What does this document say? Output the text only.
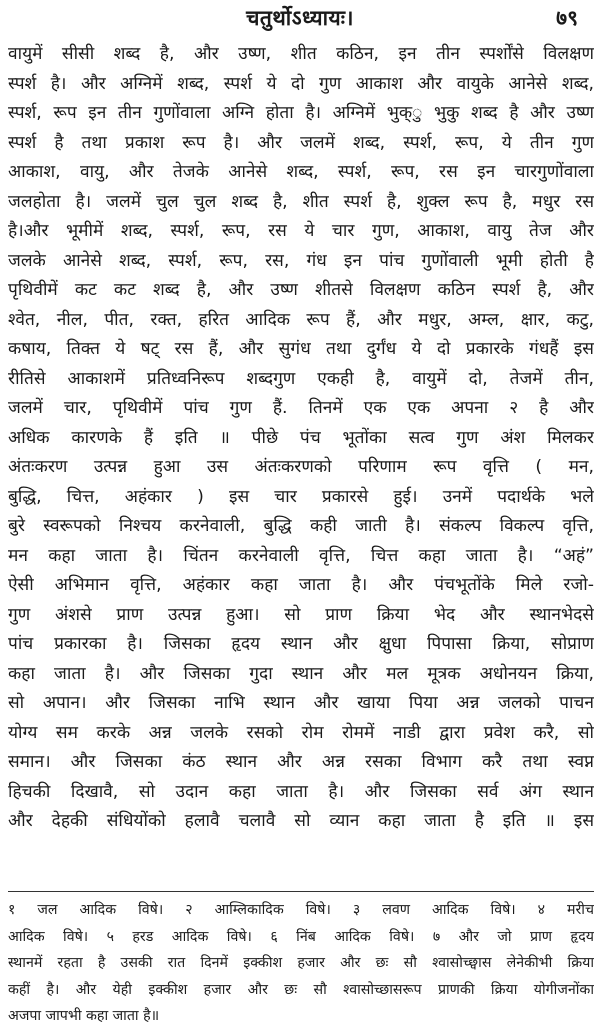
चतुर्थोऽध्यायः।	७९
वायुमें सीसी शब्द है, और उष्ण, शीत कठिन, इन तीन स्पर्शोंसे विलक्षण
स्पर्श है। और अग्निमें शब्द, स्पर्श ये दो गुण आकाश और वायुके आनेसे शब्द,
स्पर्श, रूप इन तीन गुणोंवाला अग्नि होता है। अग्निमें भुक्ु भुकु शब्द है और उष्ण
स्पर्श है तथा प्रकाश रूप है। और जलमें शब्द, स्पर्श, रूप, ये तीन गुण
आकाश, वायु, और तेजके आनेसे शब्द, स्पर्श, रूप, रस इन चारगुणोंवाला
जलहोता है। जलमें चुल चुल शब्द है, शीत स्पर्श है, शुक्ल रूप है, मधुर रस
है।और भूमीमें शब्द, स्पर्श, रूप, रस ये चार गुण, आकाश, वायु तेज और
जलके आनेसे शब्द, स्पर्श, रूप, रस, गंध इन पांच गुणोंवाली भूमी होती है
पृथिवीमें कट कट शब्द है, और उष्ण शीतसे विलक्षण कठिन स्पर्श है, और
श्वेत, नील, पीत, रक्त, हरित आदिक रूप हैं, और मधुर, अम्ल, क्षार, कटु,
कषाय, तिक्त ये षट् रस हैं, और सुगंध तथा दुर्गंध ये दो प्रकारके गंधहैं इस
रीतिसे आकाशमें प्रतिध्वनिरूप शब्दगुण एकही है, वायुमें दो, तेजमें तीन,
जलमें चार, पृथिवीमें पांच गुण हैं. तिनमें एक एक अपना २ है और
अधिक कारणके हैं इति ॥ पीछे पंच भूतोंका सत्व गुण अंश मिलकर
अंतःकरण उत्पन्न हुआ उस अंतःकरणको परिणाम रूप वृत्ति ( मन,
बुद्धि, चित्त, अहंकार ) इस चार प्रकारसे हुई। उनमें पदार्थके भले
बुरे स्वरूपको निश्चय करनेवाली, बुद्धि कही जाती है। संकल्प विकल्प वृत्ति,
मन कहा जाता है। चिंतन करनेवाली वृत्ति, चित्त कहा जाता है। “अहं”
ऐसी अभिमान वृत्ति, अहंकार कहा जाता है। और पंचभूतोंके मिले रजो-
गुण अंशसे प्राण उत्पन्न हुआ। सो प्राण क्रिया भेद और स्थानभेदसे
पांच प्रकारका है। जिसका हृदय स्थान और क्षुधा पिपासा क्रिया, सोप्राण
कहा जाता है। और जिसका गुदा स्थान और मल मूत्रक अधोनयन क्रिया,
सो अपान। और जिसका नाभि स्थान और खाया पिया अन्न जलको पाचन
योग्य सम करके अन्न जलके रसको रोम रोममें नाडी द्वारा प्रवेश करै, सो
समान। और जिसका कंठ स्थान और अन्न रसका विभाग करै तथा स्वप्न
हिचकी दिखावै, सो उदान कहा जाता है। और जिसका सर्व अंग स्थान
और देहकी संधियोंको हलावै चलावै सो व्यान कहा जाता है इति ॥ इस
१ जल आदिक विषे। २ आम्लिकादिक विषे। ३ लवण आदिक विषे। ४ मरीच
आदिक विषे। ५ हरड आदिक विषे। ६ निंब आदिक विषे। ७ और जो प्राण हृदय
स्थानमें रहता है उसकी रात दिनमें इक्कीश हजार और छः सौ श्वासोच्छ्वास लेनेकीभी क्रिया
कहीं है। और येही इक्कीश हजार और छः सौ श्वासोच्छासरूप प्राणकी क्रिया योगीजनोंका
अजपा जापभी कहा जाता है॥
